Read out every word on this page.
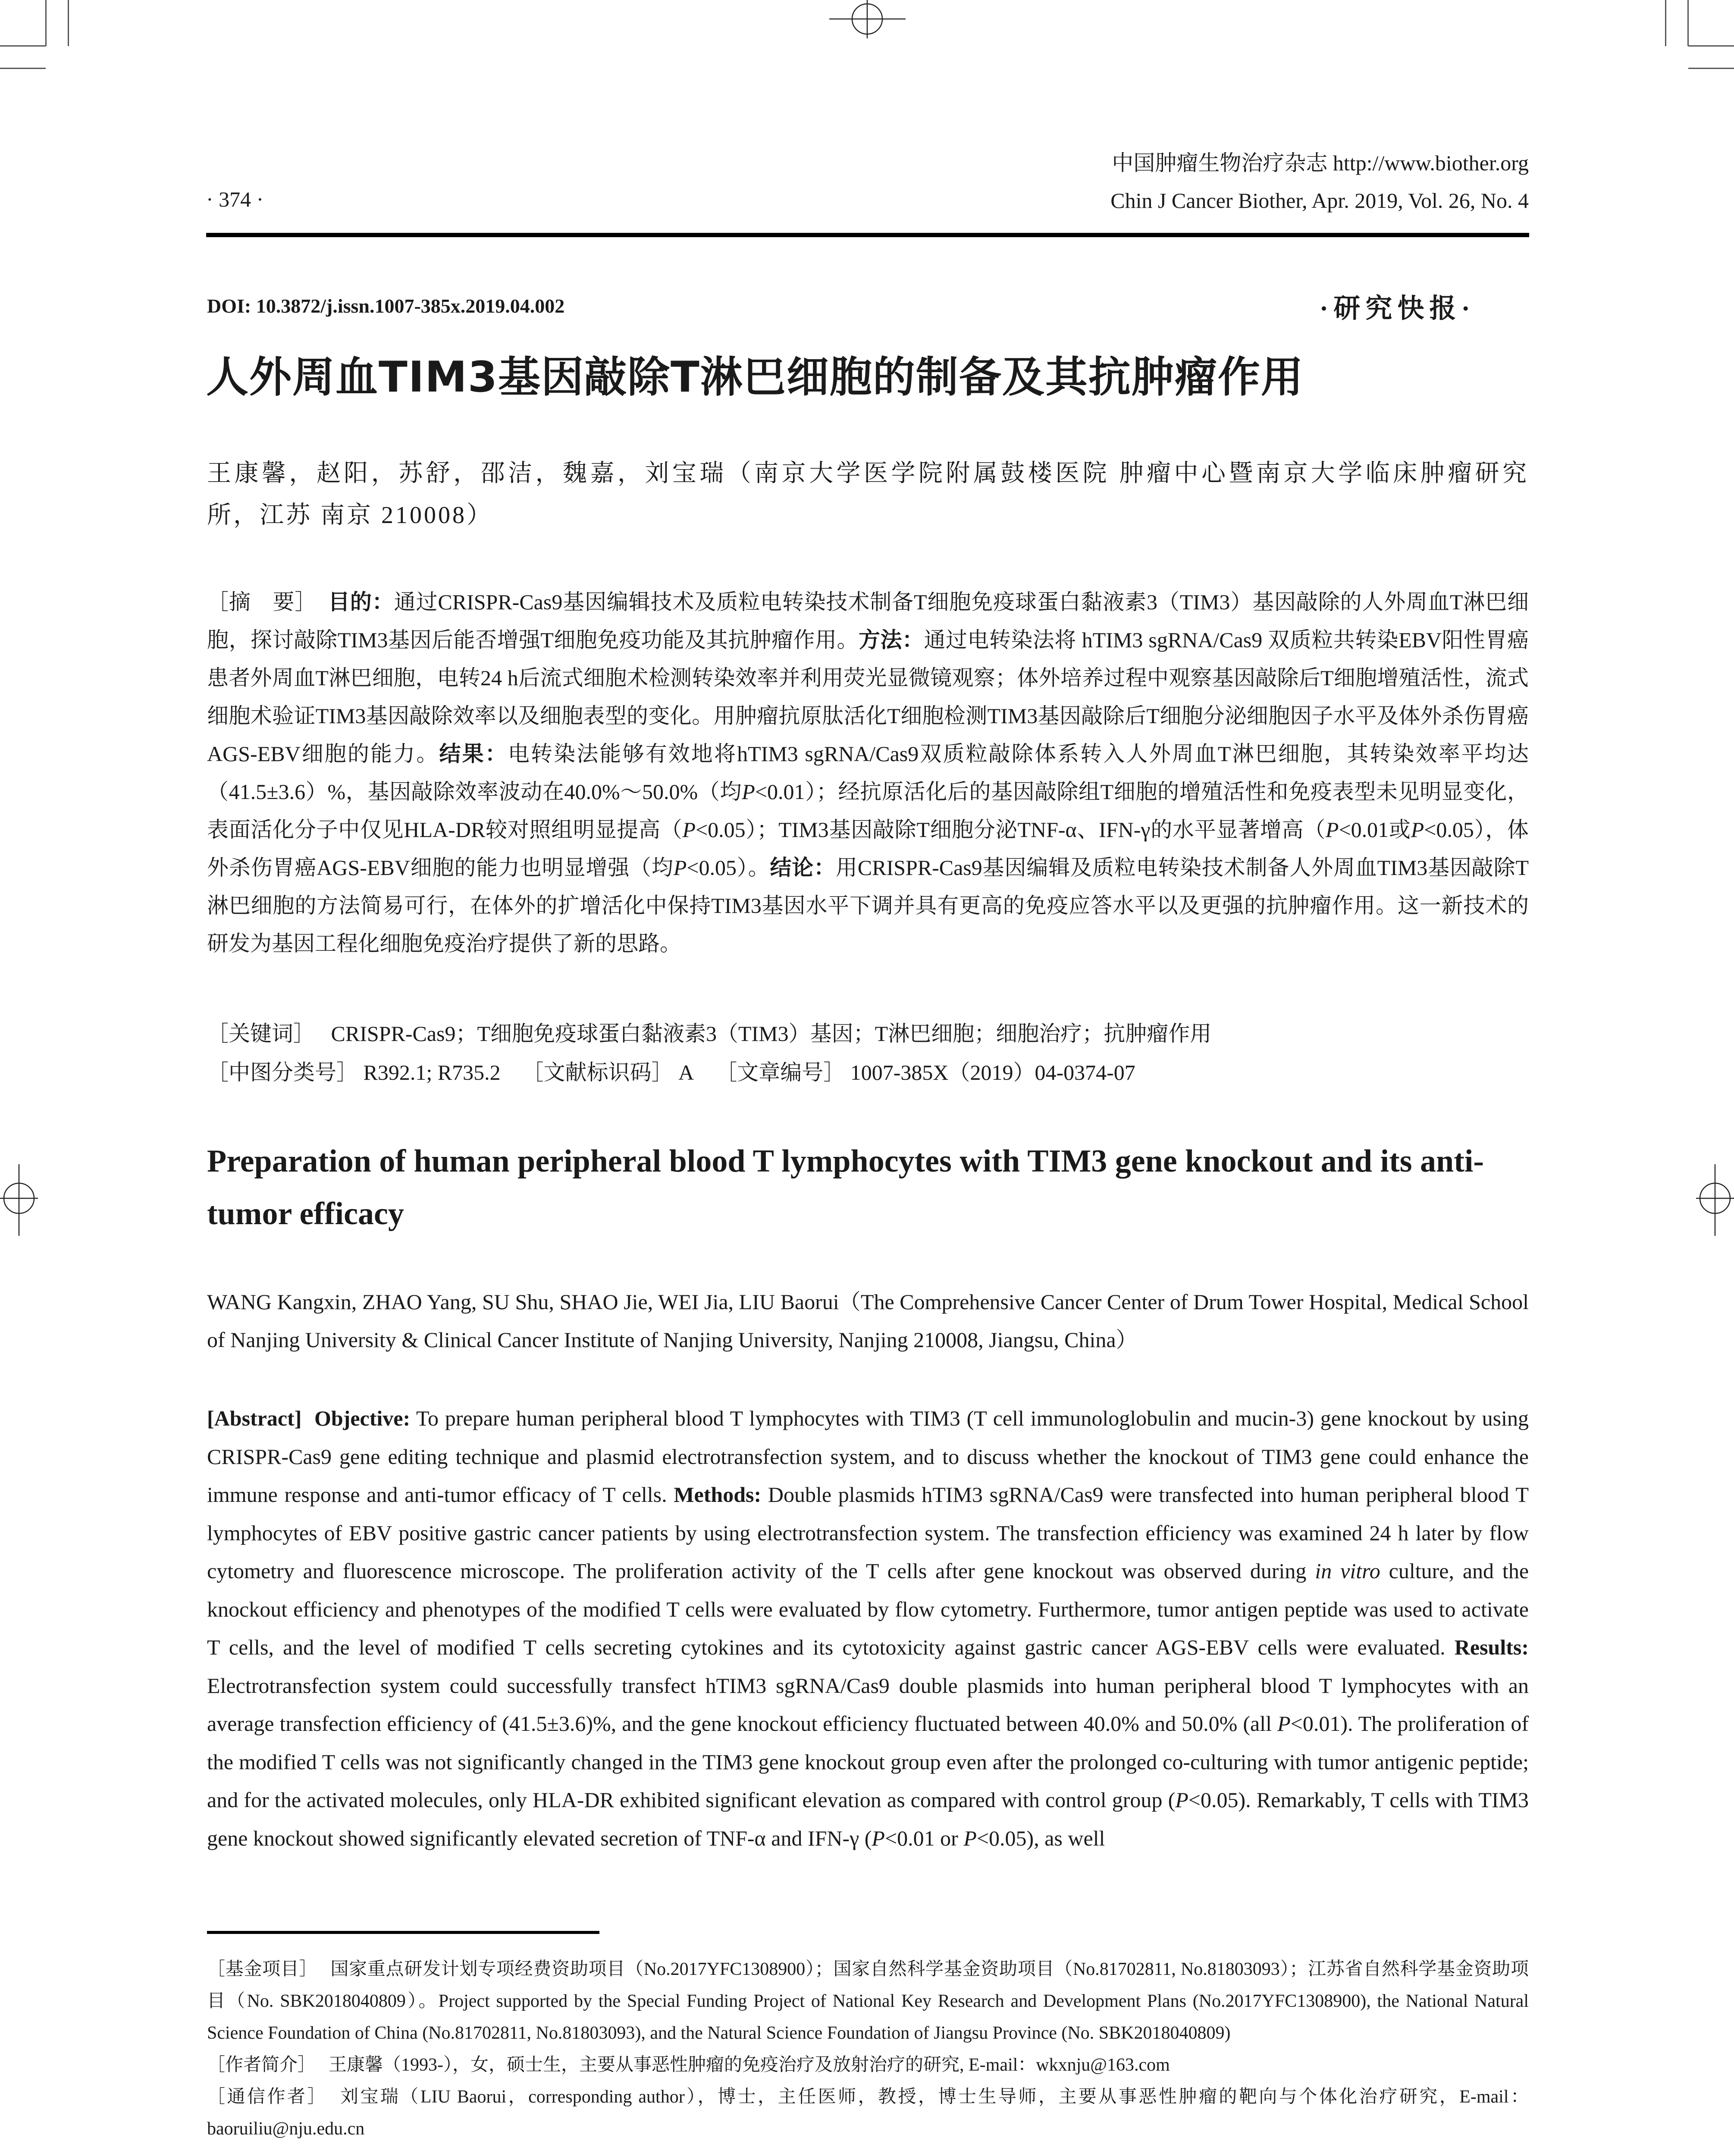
中国肿瘤生物治疗杂志 http://www.biother.org
Chin J Cancer Biother, Apr. 2019, Vol. 26, No. 4
· 374 ·
DOI: 10.3872/j.issn.1007-385x.2019.04.002	·研究快报·
人外周血TIM3基因敲除T淋巴细胞的制备及其抗肿瘤作用
王康馨，赵阳，苏舒，邵洁，魏嘉，刘宝瑞（南京大学医学院附属鼓楼医院 肿瘤中心暨南京大学临床肿瘤研究所，江苏 南京 210008）

［摘　要］ 目的：通过CRISPR-Cas9基因编辑技术及质粒电转染技术制备T细胞免疫球蛋白黏液素3（TIM3）基因敲除的人外周血T淋巴细胞，探讨敲除TIM3基因后能否增强T细胞免疫功能及其抗肿瘤作用。方法：通过电转染法将 hTIM3 sgRNA/Cas9 双质粒共转染EBV阳性胃癌患者外周血T淋巴细胞，电转24 h后流式细胞术检测转染效率并利用荧光显微镜观察；体外培养过程中观察基因敲除后T细胞增殖活性，流式细胞术验证TIM3基因敲除效率以及细胞表型的变化。用肿瘤抗原肽活化T细胞检测TIM3基因敲除后T细胞分泌细胞因子水平及体外杀伤胃癌AGS-EBV细胞的能力。结果：电转染法能够有效地将hTIM3 sgRNA/Cas9双质粒敲除体系转入人外周血T淋巴细胞，其转染效率平均达（41.5±3.6）%，基因敲除效率波动在40.0%～50.0%（均P<0.01）；经抗原活化后的基因敲除组T细胞的增殖活性和免疫表型未见明显变化，表面活化分子中仅见HLA-DR较对照组明显提高（P<0.05）；TIM3基因敲除T细胞分泌TNF-α、IFN-γ的水平显著增高（P<0.01或P<0.05），体外杀伤胃癌AGS-EBV细胞的能力也明显增强（均P<0.05）。结论：用CRISPR-Cas9基因编辑及质粒电转染技术制备人外周血TIM3基因敲除T淋巴细胞的方法简易可行，在体外的扩增活化中保持TIM3基因水平下调并具有更高的免疫应答水平以及更强的抗肿瘤作用。这一新技术的研发为基因工程化细胞免疫治疗提供了新的思路。

［关键词］ CRISPR-Cas9；T细胞免疫球蛋白黏液素3（TIM3）基因；T淋巴细胞；细胞治疗；抗肿瘤作用
［中图分类号］ R392.1; R735.2 ［文献标识码］ A ［文章编号］ 1007-385X（2019）04-0374-07
Preparation of human peripheral blood T lymphocytes with TIM3 gene knockout and its anti-tumor efficacy
WANG Kangxin, ZHAO Yang, SU Shu, SHAO Jie, WEI Jia, LIU Baorui（The Comprehensive Cancer Center of Drum Tower Hospital, Medical School of Nanjing University & Clinical Cancer Institute of Nanjing University, Nanjing 210008, Jiangsu, China）
[Abstract] Objective: To prepare human peripheral blood T lymphocytes with TIM3 (T cell immunologlobulin and mucin-3) gene knockout by using CRISPR-Cas9 gene editing technique and plasmid electrotransfection system, and to discuss whether the knockout of TIM3 gene could enhance the immune response and anti-tumor efficacy of T cells. Methods: Double plasmids hTIM3 sgRNA/Cas9 were transfected into human peripheral blood T lymphocytes of EBV positive gastric cancer patients by using electrotransfection system. The transfection efficiency was examined 24 h later by flow cytometry and fluorescence microscope. The proliferation activity of the T cells after gene knockout was observed during in vitro culture, and the knockout efficiency and phenotypes of the modified T cells were evaluated by flow cytometry. Furthermore, tumor antigen peptide was used to activate T cells, and the level of modified T cells secreting cytokines and its cytotoxicity against gastric cancer AGS-EBV cells were evaluated. Results: Electrotransfection system could successfully transfect hTIM3 sgRNA/Cas9 double plasmids into human peripheral blood T lymphocytes with an average transfection efficiency of (41.5±3.6)%, and the gene knockout efficiency fluctuated between 40.0% and 50.0% (all P<0.01). The proliferation of the modified T cells was not significantly changed in the TIM3 gene knockout group even after the prolonged co-culturing with tumor antigenic peptide; and for the activated molecules, only HLA-DR exhibited significant elevation as compared with control group (P<0.05). Remarkably, T cells with TIM3 gene knockout showed significantly elevated secretion of TNF-α and IFN-γ (P<0.01 or P<0.05), as well

［基金项目］ 国家重点研发计划专项经费资助项目（No.2017YFC1308900）；国家自然科学基金资助项目（No.81702811, No.81803093）；江苏省自然科学基金资助项目（No. SBK2018040809）。Project supported by the Special Funding Project of National Key Research and Development Plans (No.2017YFC1308900), the National Natural Science Foundation of China (No.81702811, No.81803093), and the Natural Science Foundation of Jiangsu Province (No. SBK2018040809)

［作者简介］ 王康馨（1993-），女，硕士生，主要从事恶性肿瘤的免疫治疗及放射治疗的研究, E-mail：wkxnju@163.com

［通信作者］ 刘宝瑞（LIU Baorui，corresponding author），博士，主任医师，教授，博士生导师，主要从事恶性肿瘤的靶向与个体化治疗研究，E-mail：baoruiliu@nju.edu.cn
